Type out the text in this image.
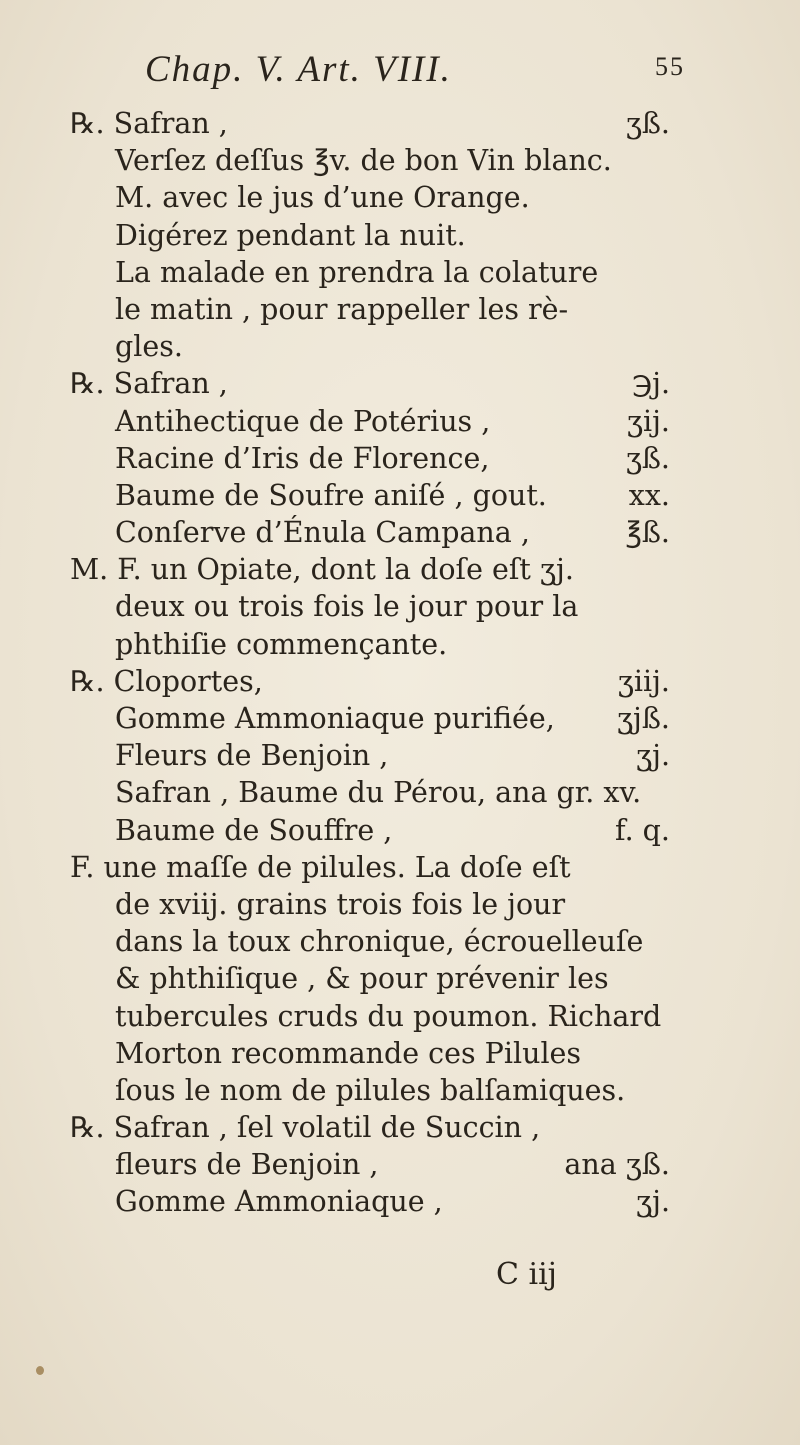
Chap. V. Art. VIII.	55
℞. Safran ,	ʒß.
Verſez deſſus ℥v. de bon Vin blanc.
M. avec le jus d’une Orange.
Digérez pendant la nuit.
La malade en prendra la colature
le matin , pour rappeller les rè-
gles.
℞. Safran ,	℈j.
Antihectique de Potérius ,	ʒij.
Racine d’Iris de Florence,	ʒß.
Baume de Soufre aniſé , gout.	xx.
Conſerve d’Énula Campana ,	℥ß.
M. F. un Opiate, dont la doſe eſt ʒj.
deux ou trois fois le jour pour la
phthiſie commençante.
℞. Cloportes,	ʒiij.
Gomme Ammoniaque purifiée, ʒjß.
Fleurs de Benjoin ,	ʒj.
Safran , Baume du Pérou, ana gr. xv.
Baume de Souffre ,	f. q.
F. une maſſe de pilules. La doſe eſt
de xviij. grains trois fois le jour
dans la toux chronique, écrouelleuſe
& phthiſique , & pour prévenir les
tubercules cruds du poumon. Richard
Morton recommande ces Pilules
ſous le nom de pilules balſamiques.
℞. Safran , ſel volatil de Succin ,
fleurs de Benjoin ,	ana ʒß.
Gomme Ammoniaque ,	ʒj.
C iij
